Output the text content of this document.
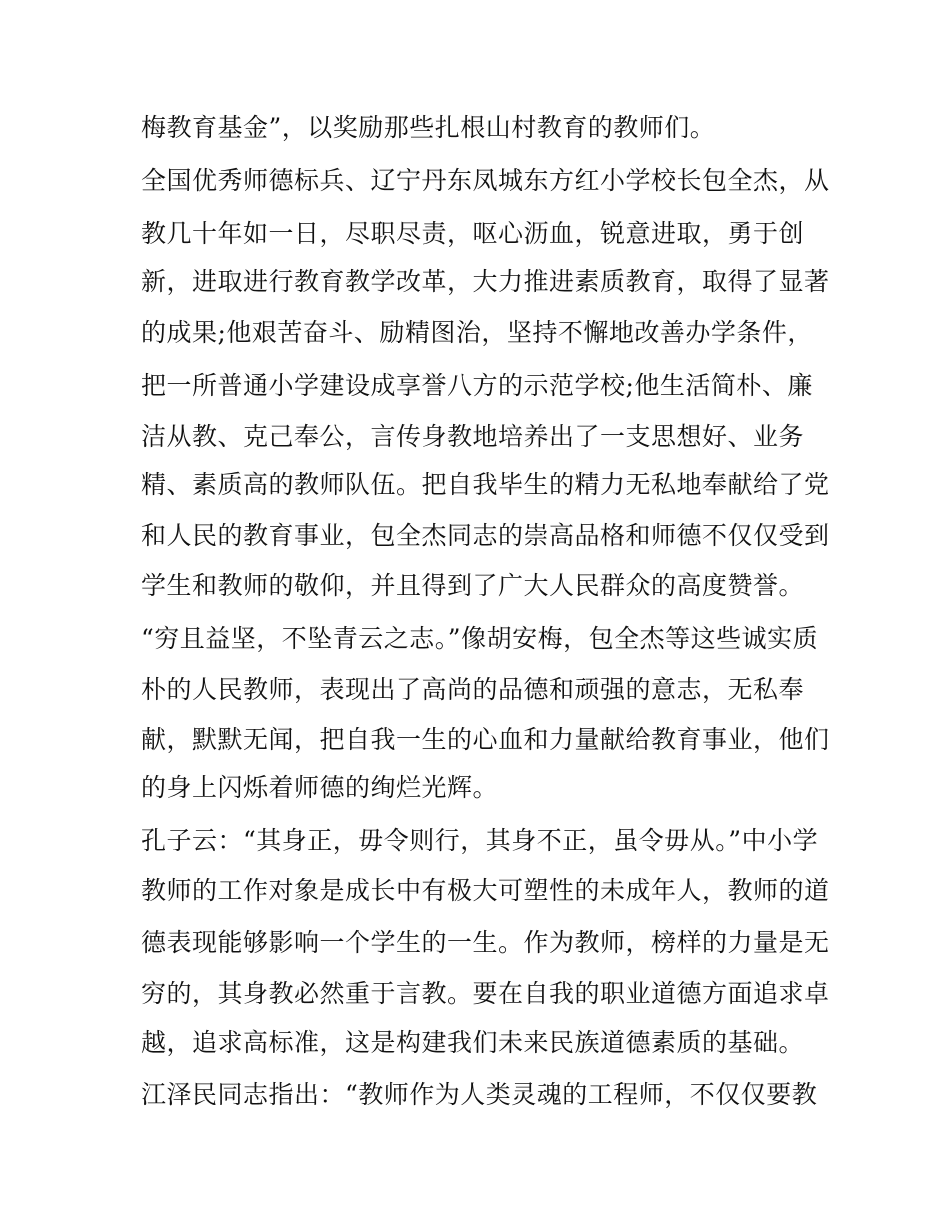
梅教育基金”，以奖励那些扎根山村教育的教师们。
全国优秀师德标兵、辽宁丹东凤城东方红小学校长包全杰，从
教几十年如一日，尽职尽责，呕心沥血，锐意进取，勇于创
新，进取进行教育教学改革，大力推进素质教育，取得了显著
的成果;他艰苦奋斗、励精图治，坚持不懈地改善办学条件，
把一所普通小学建设成享誉八方的示范学校;他生活简朴、廉
洁从教、克己奉公，言传身教地培养出了一支思想好、业务
精、素质高的教师队伍。把自我毕生的精力无私地奉献给了党
和人民的教育事业，包全杰同志的崇高品格和师德不仅仅受到
学生和教师的敬仰，并且得到了广大人民群众的高度赞誉。
“穷且益坚，不坠青云之志。”像胡安梅，包全杰等这些诚实质
朴的人民教师，表现出了高尚的品德和顽强的意志，无私奉
献，默默无闻，把自我一生的心血和力量献给教育事业，他们
的身上闪烁着师德的绚烂光辉。
孔子云：“其身正，毋令则行，其身不正，虽令毋从。”中小学
教师的工作对象是成长中有极大可塑性的未成年人，教师的道
德表现能够影响一个学生的一生。作为教师，榜样的力量是无
穷的，其身教必然重于言教。要在自我的职业道德方面追求卓
越，追求高标准，这是构建我们未来民族道德素质的基础。
江泽民同志指出：“教师作为人类灵魂的工程师，不仅仅要教
